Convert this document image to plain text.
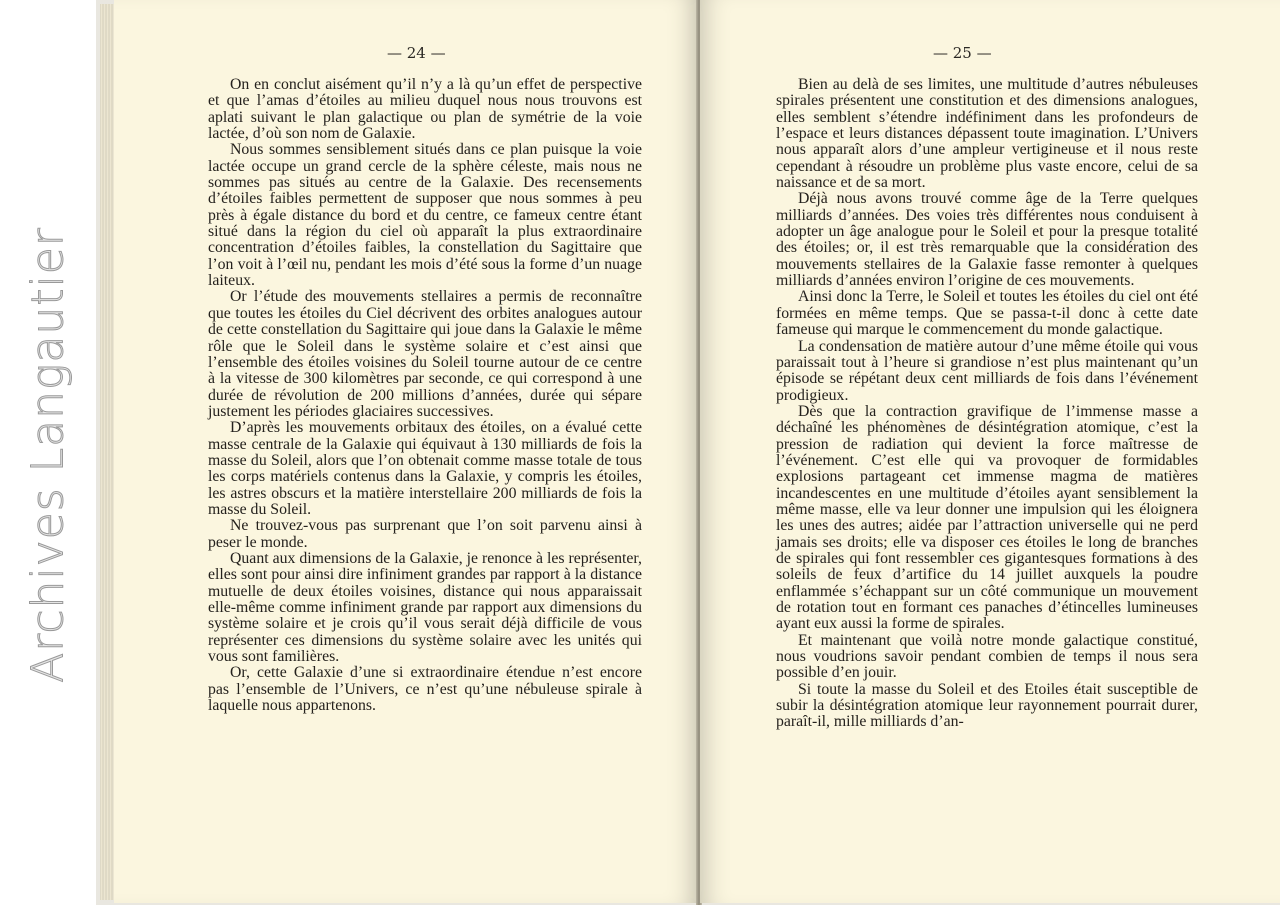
Archives Langautier
— 24 —

On en conclut aisément qu’il n’y a là qu’un effet de perspective et que l’amas d’étoiles au milieu duquel nous nous trouvons est aplati suivant le plan galactique ou plan de symétrie de la voie lactée, d’où son nom de Galaxie.

Nous sommes sensiblement situés dans ce plan puisque la voie lactée occupe un grand cercle de la sphère céleste, mais nous ne sommes pas situés au centre de la Galaxie. Des recensements d’étoiles faibles permettent de supposer que nous sommes à peu près à égale distance du bord et du centre, ce fameux centre étant situé dans la région du ciel où apparaît la plus extraordinaire concentration d’étoiles faibles, la constellation du Sagittaire que l’on voit à l’œil nu, pendant les mois d’été sous la forme d’un nuage laiteux.

Or l’étude des mouvements stellaires a permis de reconnaître que toutes les étoiles du Ciel décrivent des orbites analogues autour de cette constellation du Sagittaire qui joue dans la Galaxie le même rôle que le Soleil dans le système solaire et c’est ainsi que l’ensemble des étoiles voisines du Soleil tourne autour de ce centre à la vitesse de 300 kilomètres par seconde, ce qui correspond à une durée de révolution de 200 millions d’années, durée qui sépare justement les périodes glaciaires successives.

D’après les mouvements orbitaux des étoiles, on a évalué cette masse centrale de la Galaxie qui équivaut à 130 milliards de fois la masse du Soleil, alors que l’on obtenait comme masse totale de tous les corps matériels contenus dans la Galaxie, y compris les étoiles, les astres obscurs et la matière interstellaire 200 milliards de fois la masse du Soleil.

Ne trouvez-vous pas surprenant que l’on soit parvenu ainsi à peser le monde.

Quant aux dimensions de la Galaxie, je renonce à les représenter, elles sont pour ainsi dire infiniment grandes par rapport à la distance mutuelle de deux étoiles voisines, distance qui nous apparaissait elle-même comme infiniment grande par rapport aux dimensions du système solaire et je crois qu’il vous serait déjà difficile de vous représenter ces dimensions du système solaire avec les unités qui vous sont familières.

Or, cette Galaxie d’une si extraordinaire étendue n’est encore pas l’ensemble de l’Univers, ce n’est qu’une nébuleuse spirale à laquelle nous appartenons.

— 25 —

Bien au delà de ses limites, une multitude d’autres nébuleuses spirales présentent une constitution et des dimensions analogues, elles semblent s’étendre indéfiniment dans les profondeurs de l’espace et leurs distances dépassent toute imagination. L’Univers nous apparaît alors d’une ampleur vertigineuse et il nous reste cependant à résoudre un problème plus vaste encore, celui de sa naissance et de sa mort.

Déjà nous avons trouvé comme âge de la Terre quelques milliards d’années. Des voies très différentes nous conduisent à adopter un âge analogue pour le Soleil et pour la presque totalité des étoiles; or, il est très remarquable que la considération des mouvements stellaires de la Galaxie fasse remonter à quelques milliards d’années environ l’origine de ces mouvements.

Ainsi donc la Terre, le Soleil et toutes les étoiles du ciel ont été formées en même temps. Que se passa-t-il donc à cette date fameuse qui marque le commencement du monde galactique.

La condensation de matière autour d’une même étoile qui vous paraissait tout à l’heure si grandiose n’est plus maintenant qu’un épisode se répétant deux cent milliards de fois dans l’événement prodigieux.

Dès que la contraction gravifique de l’immense masse a déchaîné les phénomènes de désintégration atomique, c’est la pression de radiation qui devient la force maîtresse de l’événement. C’est elle qui va provoquer de formidables explosions partageant cet immense magma de matières incandescentes en une multitude d’étoiles ayant sensiblement la même masse, elle va leur donner une impulsion qui les éloignera les unes des autres; aidée par l’attraction universelle qui ne perd jamais ses droits; elle va disposer ces étoiles le long de branches de spirales qui font ressembler ces gigantesques formations à des soleils de feux d’artifice du 14 juillet auxquels la poudre enflammée s’échappant sur un côté communique un mouvement de rotation tout en formant ces panaches d’étincelles lumineuses ayant eux aussi la forme de spirales.

Et maintenant que voilà notre monde galactique constitué, nous voudrions savoir pendant combien de temps il nous sera possible d’en jouir.

Si toute la masse du Soleil et des Etoiles était susceptible de subir la désintégration atomique leur rayonnement pourrait durer, paraît-il, mille milliards d’an-
